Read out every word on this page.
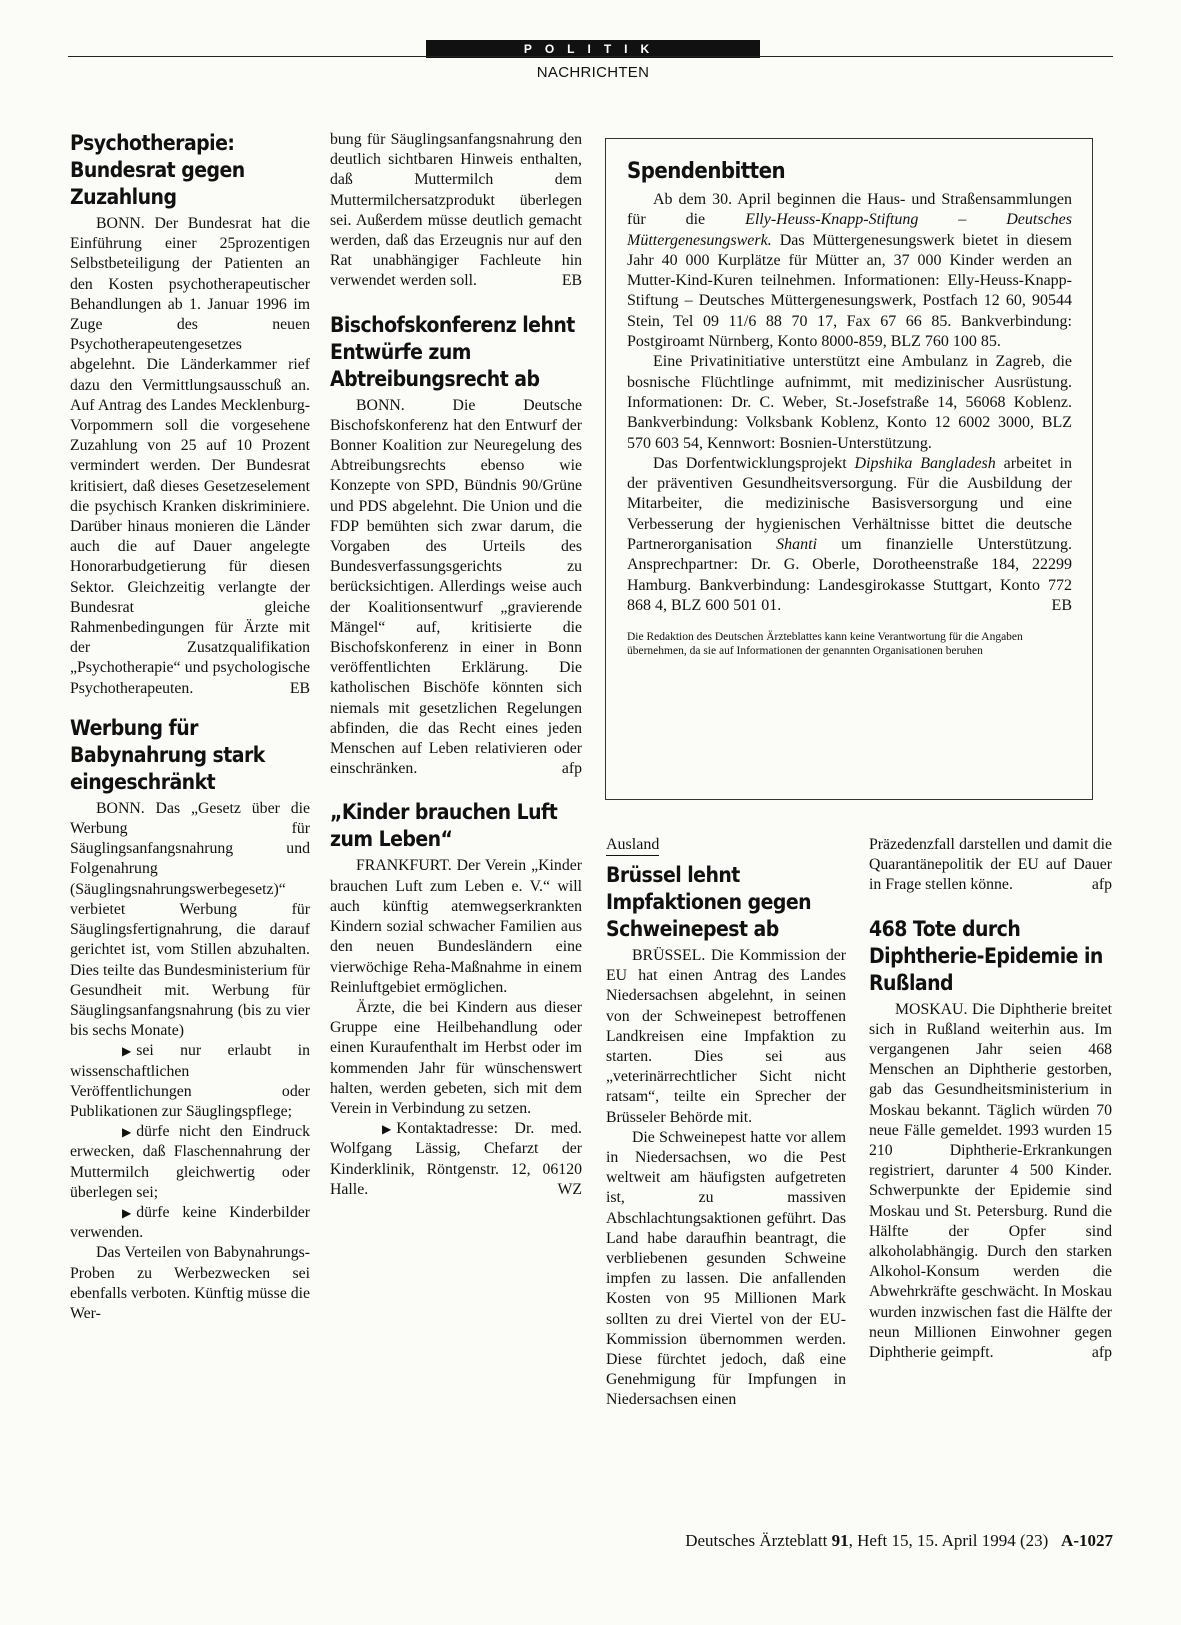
POLITIK
NACHRICHTEN
Psychotherapie: Bundesrat gegen Zuzahlung

BONN. Der Bundesrat hat die Einführung einer 25prozentigen Selbstbeteiligung der Patienten an den Kosten psychotherapeutischer Behandlungen ab 1. Januar 1996 im Zuge des neuen Psychotherapeutengesetzes abgelehnt. Die Länderkammer rief dazu den Vermittlungsausschuß an. Auf Antrag des Landes Mecklenburg-Vorpommern soll die vorgesehene Zuzahlung von 25 auf 10 Prozent vermindert werden. Der Bundesrat kritisiert, daß dieses Gesetzeselement die psychisch Kranken diskriminiere. Darüber hinaus monieren die Länder auch die auf Dauer angelegte Honorarbudgetierung für diesen Sektor. Gleichzeitig verlangte der Bundesrat gleiche Rahmenbedingungen für Ärzte mit der Zusatzqualifikation „Psychotherapie“ und psychologische Psychotherapeuten.	EB

Werbung für Babynahrung stark eingeschränkt

BONN. Das „Gesetz über die Werbung für Säuglingsanfangsnahrung und Folgenahrung (Säuglingsnahrungswerbegesetz)“ verbietet Werbung für Säuglingsfertignahrung, die darauf gerichtet ist, vom Stillen abzuhalten. Dies teilte das Bundesministerium für Gesundheit mit. Werbung für Säuglingsanfangsnahrung (bis zu vier bis sechs Monate)

▶ sei nur erlaubt in wissenschaftlichen Veröffentlichungen oder Publikationen zur Säuglingspflege;

▶ dürfe nicht den Eindruck erwecken, daß Flaschennahrung der Muttermilch gleichwertig oder überlegen sei;

▶ dürfe keine Kinderbilder verwenden.

Das Verteilen von Babynahrungs-Proben zu Werbezwecken sei ebenfalls verboten. Künftig müsse die Wer-

bung für Säuglingsanfangsnahrung den deutlich sichtbaren Hinweis enthalten, daß Muttermilch dem Muttermilchersatzprodukt überlegen sei. Außerdem müsse deutlich gemacht werden, daß das Erzeugnis nur auf den Rat unabhängiger Fachleute hin verwendet werden soll.	EB

Bischofskonferenz lehnt Entwürfe zum Abtreibungsrecht ab

BONN. Die Deutsche Bischofskonferenz hat den Entwurf der Bonner Koalition zur Neuregelung des Abtreibungsrechts ebenso wie Konzepte von SPD, Bündnis 90/Grüne und PDS abgelehnt. Die Union und die FDP bemühten sich zwar darum, die Vorgaben des Urteils des Bundesverfassungsgerichts zu berücksichtigen. Allerdings weise auch der Koalitionsentwurf „gravierende Mängel“ auf, kritisierte die Bischofskonferenz in einer in Bonn veröffentlichten Erklärung. Die katholischen Bischöfe könnten sich niemals mit gesetzlichen Regelungen abfinden, die das Recht eines jeden Menschen auf Leben relativieren oder einschränken.	afp

„Kinder brauchen Luft zum Leben“

FRANKFURT. Der Verein „Kinder brauchen Luft zum Leben e. V.“ will auch künftig atemwegserkrankten Kindern sozial schwacher Familien aus den neuen Bundesländern eine vierwöchige Reha-Maßnahme in einem Reinluftgebiet ermöglichen.

Ärzte, die bei Kindern aus dieser Gruppe eine Heilbehandlung oder einen Kuraufenthalt im Herbst oder im kommenden Jahr für wünschenswert halten, werden gebeten, sich mit dem Verein in Verbindung zu setzen.

▶ Kontaktadresse: Dr. med. Wolfgang Lässig, Chefarzt der Kinderklinik, Röntgenstr. 12, 06120 Halle.	WZ

Spendenbitten

Ab dem 30. April beginnen die Haus- und Straßensammlungen für die Elly-Heuss-Knapp-Stiftung – Deutsches Müttergenesungswerk. Das Müttergenesungswerk bietet in diesem Jahr 40 000 Kurplätze für Mütter an, 37 000 Kinder werden an Mutter-Kind-Kuren teilnehmen. Informationen: Elly-Heuss-Knapp-Stiftung – Deutsches Müttergenesungswerk, Postfach 12 60, 90544 Stein, Tel 09 11/6 88 70 17, Fax 67 66 85. Bankverbindung: Postgiroamt Nürnberg, Konto 8000-859, BLZ 760 100 85.

Eine Privatinitiative unterstützt eine Ambulanz in Zagreb, die bosnische Flüchtlinge aufnimmt, mit medizinischer Ausrüstung. Informationen: Dr. C. Weber, St.-Josefstraße 14, 56068 Koblenz. Bankverbindung: Volksbank Koblenz, Konto 12 6002 3000, BLZ 570 603 54, Kennwort: Bosnien-Unterstützung.

Das Dorfentwicklungsprojekt Dipshika Bangladesh arbeitet in der präventiven Gesundheitsversorgung. Für die Ausbildung der Mitarbeiter, die medizinische Basisversorgung und eine Verbesserung der hygienischen Verhältnisse bittet die deutsche Partnerorganisation Shanti um finanzielle Unterstützung. Ansprechpartner: Dr. G. Oberle, Dorotheenstraße 184, 22299 Hamburg. Bankverbindung: Landesgirokasse Stuttgart, Konto 772 868 4, BLZ 600 501 01.	EB

Die Redaktion des Deutschen Ärzteblattes kann keine Verantwortung für die Angaben übernehmen, da sie auf Informationen der genannten Organisationen beruhen

Ausland
Brüssel lehnt Impfaktionen gegen Schweinepest ab

BRÜSSEL. Die Kommission der EU hat einen Antrag des Landes Niedersachsen abgelehnt, in seinen von der Schweinepest betroffenen Landkreisen eine Impfaktion zu starten. Dies sei aus „veterinärrechtlicher Sicht nicht ratsam“, teilte ein Sprecher der Brüsseler Behörde mit.

Die Schweinepest hatte vor allem in Niedersachsen, wo die Pest weltweit am häufigsten aufgetreten ist, zu massiven Abschlachtungsaktionen geführt. Das Land habe daraufhin beantragt, die verbliebenen gesunden Schweine impfen zu lassen. Die anfallenden Kosten von 95 Millionen Mark sollten zu drei Viertel von der EU-Kommission übernommen werden. Diese fürchtet jedoch, daß eine Genehmigung für Impfungen in Niedersachsen einen

Präzedenzfall darstellen und damit die Quarantänepolitik der EU auf Dauer in Frage stellen könne.	afp

468 Tote durch Diphtherie-Epidemie in Rußland

MOSKAU. Die Diphtherie breitet sich in Rußland weiterhin aus. Im vergangenen Jahr seien 468 Menschen an Diphtherie gestorben, gab das Gesundheitsministerium in Moskau bekannt. Täglich würden 70 neue Fälle gemeldet. 1993 wurden 15 210 Diphtherie-Erkrankungen registriert, darunter 4 500 Kinder. Schwerpunkte der Epidemie sind Moskau und St. Petersburg. Rund die Hälfte der Opfer sind alkoholabhängig. Durch den starken Alkohol-Konsum werden die Abwehrkräfte geschwächt. In Moskau wurden inzwischen fast die Hälfte der neun Millionen Einwohner gegen Diphtherie geimpft.	afp

Deutsches Ärzteblatt 91, Heft 15, 15. April 1994 (23) A-1027
